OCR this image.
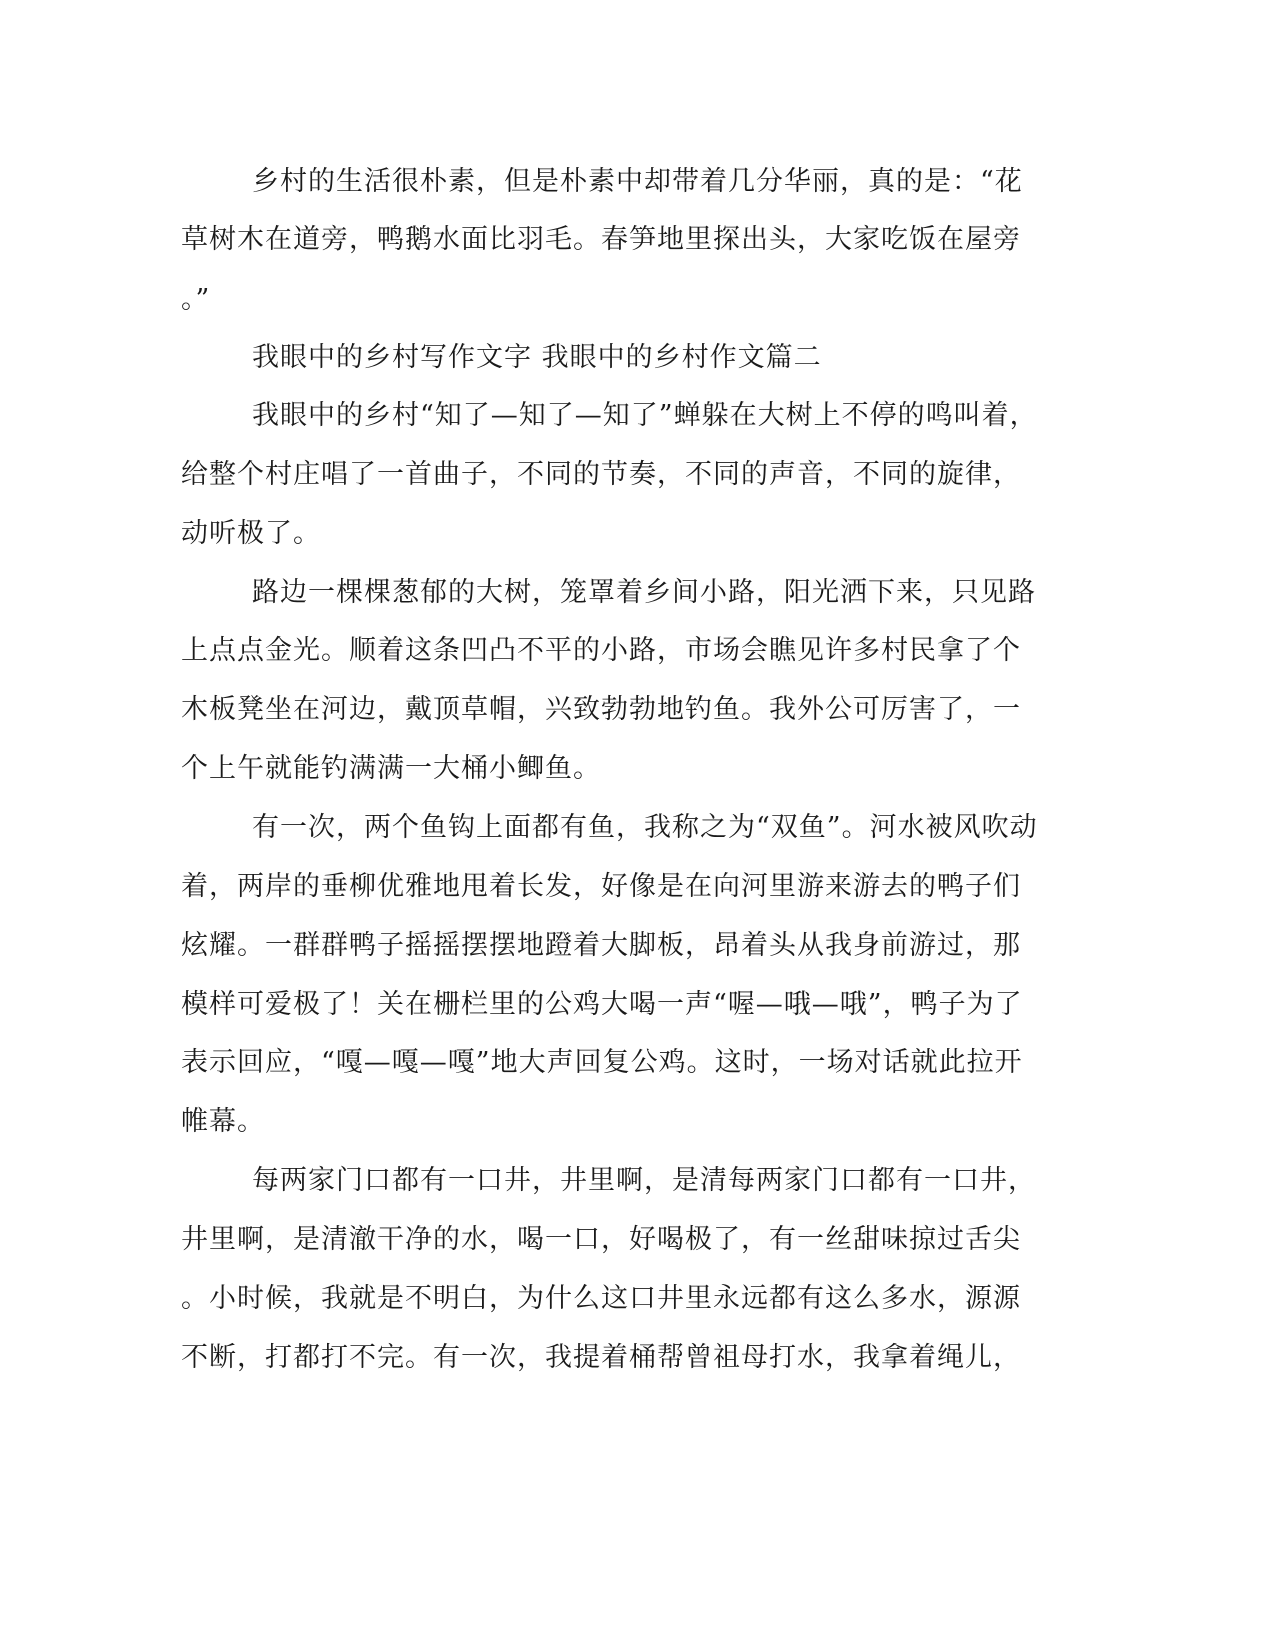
乡村的生活很朴素，但是朴素中却带着几分华丽，真的是：“花
草树木在道旁，鸭鹅水面比羽毛。春笋地里探出头，大家吃饭在屋旁
。”
我眼中的乡村写作文字 我眼中的乡村作文篇二
我眼中的乡村“知了—知了—知了”蝉躲在大树上不停的鸣叫着，
给整个村庄唱了一首曲子，不同的节奏，不同的声音，不同的旋律，
动听极了。
路边一棵棵葱郁的大树，笼罩着乡间小路，阳光洒下来，只见路
上点点金光。顺着这条凹凸不平的小路，市场会瞧见许多村民拿了个
木板凳坐在河边，戴顶草帽，兴致勃勃地钓鱼。我外公可厉害了，一
个上午就能钓满满一大桶小鲫鱼。
有一次，两个鱼钩上面都有鱼，我称之为“双鱼”。河水被风吹动
着，两岸的垂柳优雅地甩着长发，好像是在向河里游来游去的鸭子们
炫耀。一群群鸭子摇摇摆摆地蹬着大脚板，昂着头从我身前游过，那
模样可爱极了！关在栅栏里的公鸡大喝一声“喔—哦—哦”，鸭子为了
表示回应，“嘎—嘎—嘎”地大声回复公鸡。这时，一场对话就此拉开
帷幕。
每两家门口都有一口井，井里啊，是清每两家门口都有一口井，
井里啊，是清澈干净的水，喝一口，好喝极了，有一丝甜味掠过舌尖
。小时候，我就是不明白，为什么这口井里永远都有这么多水，源源
不断，打都打不完。有一次，我提着桶帮曾祖母打水，我拿着绳儿，
